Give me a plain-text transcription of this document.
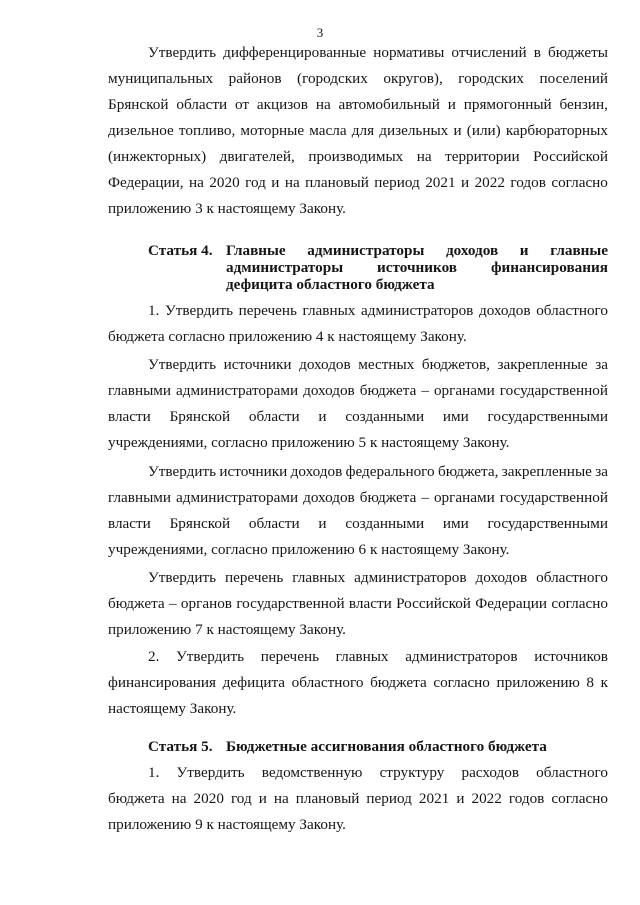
3
Утвердить дифференцированные нормативы отчислений в бюджеты
муниципальных районов (городских округов), городских поселений
Брянской области от акцизов на автомобильный и прямогонный бензин,
дизельное топливо, моторные масла для дизельных и (или) карбюраторных
(инжекторных) двигателей, производимых на территории Российской
Федерации, на 2020 год и на плановый период 2021 и 2022 годов согласно
приложению 3 к настоящему Закону.
Статья 4. Главные администраторы доходов и главные
администраторы источников финансирования
дефицита областного бюджета
1. Утвердить перечень главных администраторов доходов областного
бюджета согласно приложению 4 к настоящему Закону.
Утвердить источники доходов местных бюджетов, закрепленные за
главными администраторами доходов бюджета – органами государственной
власти Брянской области и созданными ими государственными
учреждениями, согласно приложению 5 к настоящему Закону.
Утвердить источники доходов федерального бюджета, закрепленные за
главными администраторами доходов бюджета – органами государственной
власти Брянской области и созданными ими государственными
учреждениями, согласно приложению 6 к настоящему Закону.
Утвердить перечень главных администраторов доходов областного
бюджета – органов государственной власти Российской Федерации согласно
приложению 7 к настоящему Закону.
2. Утвердить перечень главных администраторов источников
финансирования дефицита областного бюджета согласно приложению 8 к
настоящему Закону.
Статья 5. Бюджетные ассигнования областного бюджета
1. Утвердить ведомственную структуру расходов областного
бюджета на 2020 год и на плановый период 2021 и 2022 годов согласно
приложению 9 к настоящему Закону.
